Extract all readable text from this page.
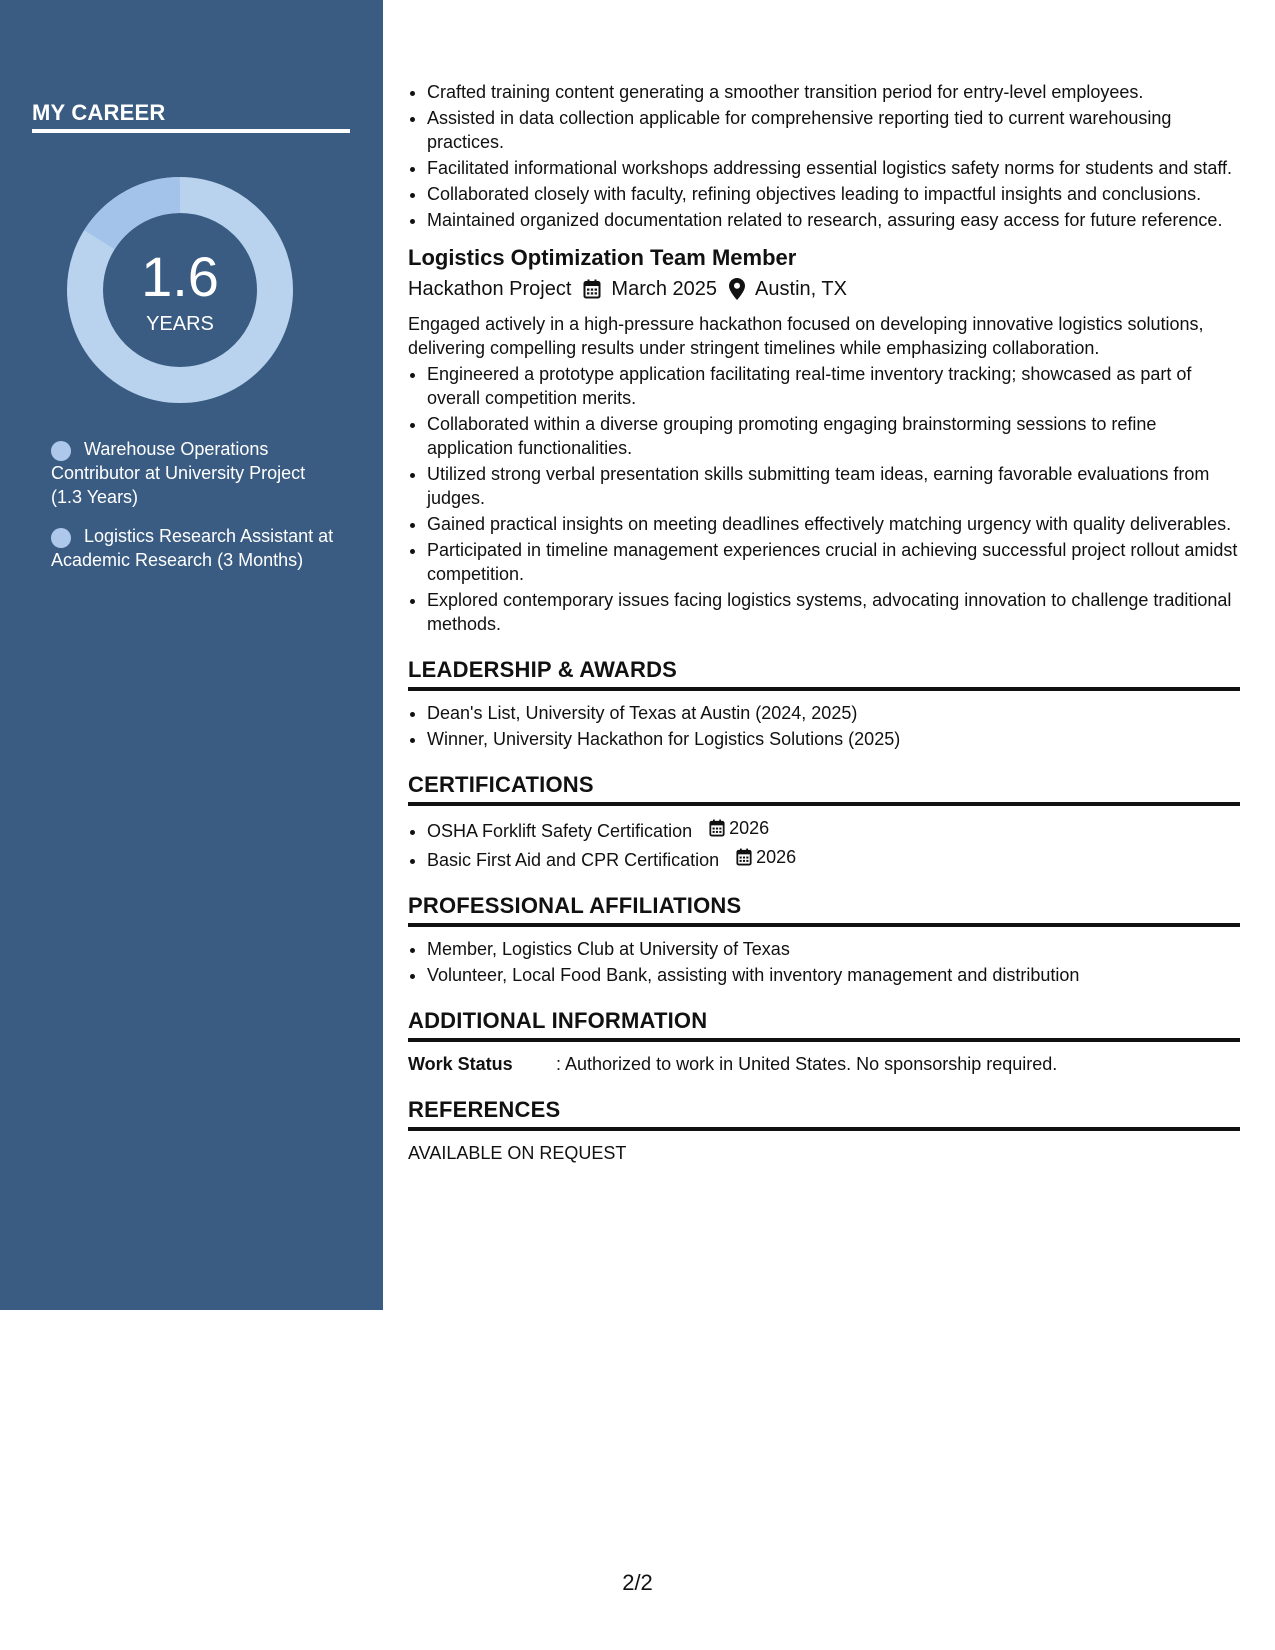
MY CAREER
1.6
YEARS
Warehouse Operations Contributor at University Project (1.3 Years)
Logistics Research Assistant at Academic Research (3 Months)
• Crafted training content generating a smoother transition period for entry-level employees.
• Assisted in data collection applicable for comprehensive reporting tied to current warehousing practices.
• Facilitated informational workshops addressing essential logistics safety norms for students and staff.
• Collaborated closely with faculty, refining objectives leading to impactful insights and conclusions.
• Maintained organized documentation related to research, assuring easy access for future reference.
Logistics Optimization Team Member
Hackathon Project March 2025 Austin, TX
Engaged actively in a high-pressure hackathon focused on developing innovative logistics solutions, delivering compelling results under stringent timelines while emphasizing collaboration.
• Engineered a prototype application facilitating real-time inventory tracking; showcased as part of overall competition merits.
• Collaborated within a diverse grouping promoting engaging brainstorming sessions to refine application functionalities.
• Utilized strong verbal presentation skills submitting team ideas, earning favorable evaluations from judges.
• Gained practical insights on meeting deadlines effectively matching urgency with quality deliverables.
• Participated in timeline management experiences crucial in achieving successful project rollout amidst competition.
• Explored contemporary issues facing logistics systems, advocating innovation to challenge traditional methods.
LEADERSHIP & AWARDS
• Dean's List, University of Texas at Austin (2024, 2025)
• Winner, University Hackathon for Logistics Solutions (2025)
CERTIFICATIONS
• OSHA Forklift Safety Certification 2026
• Basic First Aid and CPR Certification 2026
PROFESSIONAL AFFILIATIONS
• Member, Logistics Club at University of Texas
• Volunteer, Local Food Bank, assisting with inventory management and distribution
ADDITIONAL INFORMATION
Work Status	: Authorized to work in United States. No sponsorship required.
REFERENCES
AVAILABLE ON REQUEST
2/2
